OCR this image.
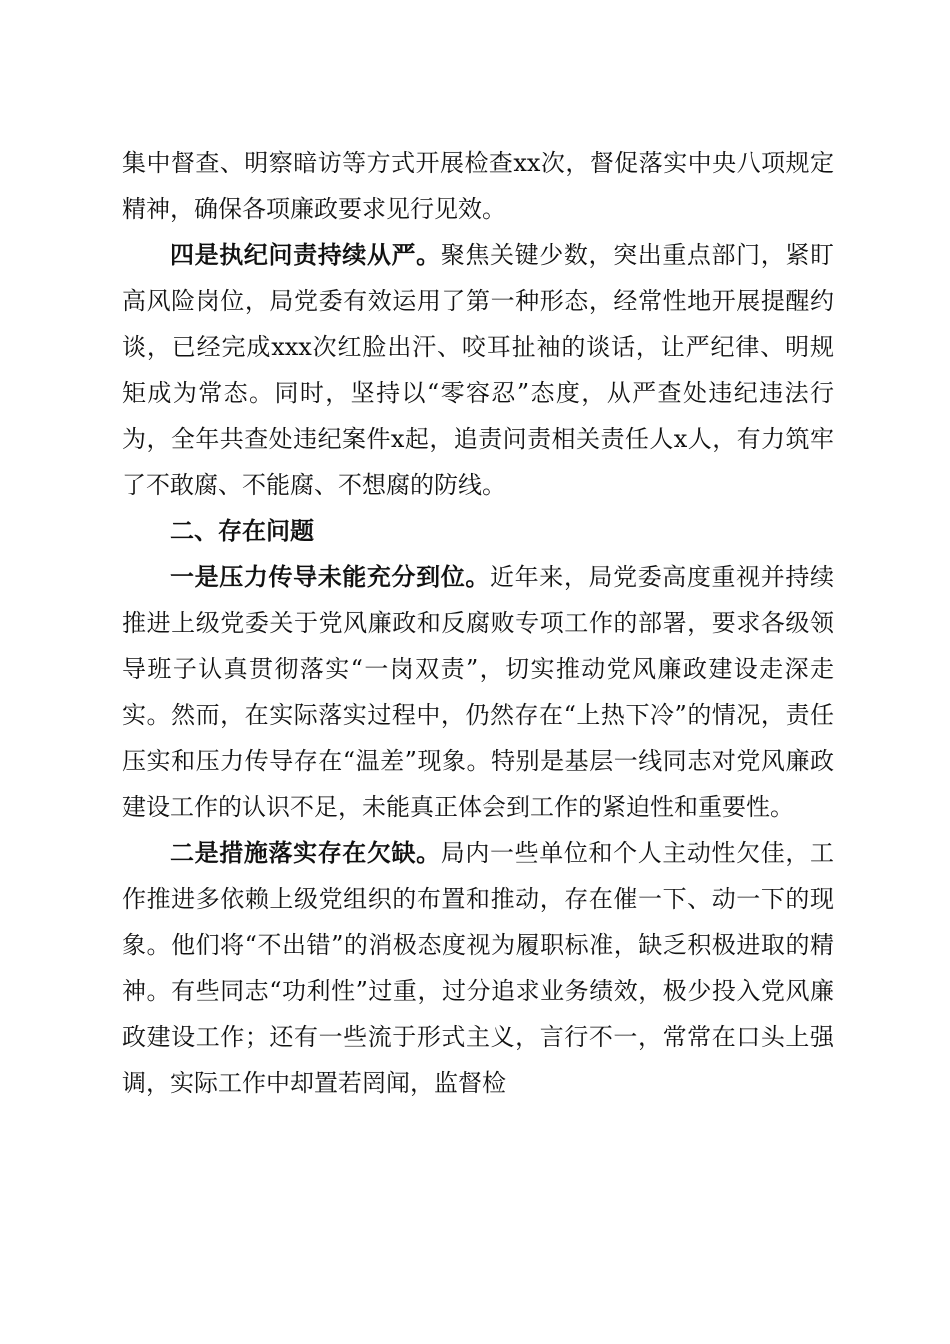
集中督查、明察暗访等方式开展检查xx次，督促落实中央八项规定精神，确保各项廉政要求见行见效。

四是执纪问责持续从严。聚焦关键少数，突出重点部门，紧盯高风险岗位，局党委有效运用了第一种形态，经常性地开展提醒约谈，已经完成xxx次红脸出汗、咬耳扯袖的谈话，让严纪律、明规矩成为常态。同时，坚持以“零容忍”态度，从严查处违纪违法行为，全年共查处违纪案件x起，追责问责相关责任人x人，有力筑牢了不敢腐、不能腐、不想腐的防线。

二、存在问题

一是压力传导未能充分到位。近年来，局党委高度重视并持续推进上级党委关于党风廉政和反腐败专项工作的部署，要求各级领导班子认真贯彻落实“一岗双责”，切实推动党风廉政建设走深走实。然而，在实际落实过程中，仍然存在“上热下冷”的情况，责任压实和压力传导存在“温差”现象。特别是基层一线同志对党风廉政建设工作的认识不足，未能真正体会到工作的紧迫性和重要性。

二是措施落实存在欠缺。局内一些单位和个人主动性欠佳，工作推进多依赖上级党组织的布置和推动，存在催一下、动一下的现象。他们将“不出错”的消极态度视为履职标准，缺乏积极进取的精神。有些同志“功利性”过重，过分追求业务绩效，极少投入党风廉政建设工作；还有一些流于形式主义，言行不一，常常在口头上强调，实际工作中却置若罔闻，监督检
